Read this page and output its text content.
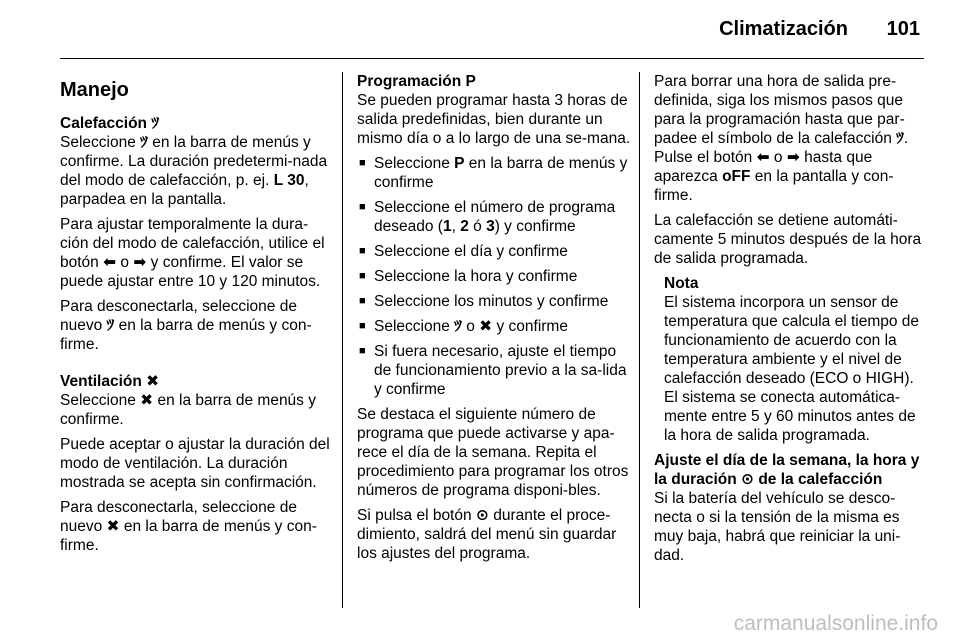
Climatización 101
Manejo

Calefacción ﾂ

Seleccione ﾂ en la barra de menús y confirme. La duración predetermi-nada del modo de calefacción, p. ej. L 30, parpadea en la pantalla.

Para ajustar temporalmente la dura-ción del modo de calefacción, utilice el botón ⬅ o ➡ y confirme. El valor se puede ajustar entre 10 y 120 minutos.

Para desconectarla, seleccione de nuevo ﾂ en la barra de menús y con-firme.

Ventilación ✖

Seleccione ✖ en la barra de menús y confirme.

Puede aceptar o ajustar la duración del modo de ventilación. La duración mostrada se acepta sin confirmación.

Para desconectarla, seleccione de nuevo ✖ en la barra de menús y con-firme.

Programación P

Se pueden programar hasta 3 horas de salida predefinidas, bien durante un mismo día o a lo largo de una se-mana.

■ Seleccione P en la barra de menús y confirme
■ Seleccione el número de programa deseado (1, 2 ó 3) y confirme
■ Seleccione el día y confirme
■ Seleccione la hora y confirme
■ Seleccione los minutos y confirme
■ Seleccione ﾂ o ✖ y confirme
■ Si fuera necesario, ajuste el tiempo de funcionamiento previo a la sa-lida y confirme

Se destaca el siguiente número de programa que puede activarse y apa-rece el día de la semana. Repita el procedimiento para programar los otros números de programa disponi-bles.

Si pulsa el botón ⊙ durante el proce-dimiento, saldrá del menú sin guardar los ajustes del programa.

Para borrar una hora de salida pre-definida, siga los mismos pasos que para la programación hasta que par-padee el símbolo de la calefacción ﾂ. Pulse el botón ⬅ o ➡ hasta que aparezca oFF en la pantalla y con-firme.

La calefacción se detiene automáti-camente 5 minutos después de la hora de salida programada.

Nota

El sistema incorpora un sensor de temperatura que calcula el tiempo de funcionamiento de acuerdo con la temperatura ambiente y el nivel de calefacción deseado (ECO o HIGH). El sistema se conecta automática-mente entre 5 y 60 minutos antes de la hora de salida programada.

Ajuste el día de la semana, la hora y la duración ⊙ de la calefacción

Si la batería del vehículo se desco-necta o si la tensión de la misma es muy baja, habrá que reiniciar la uni-dad.

carmanualsonline.info
